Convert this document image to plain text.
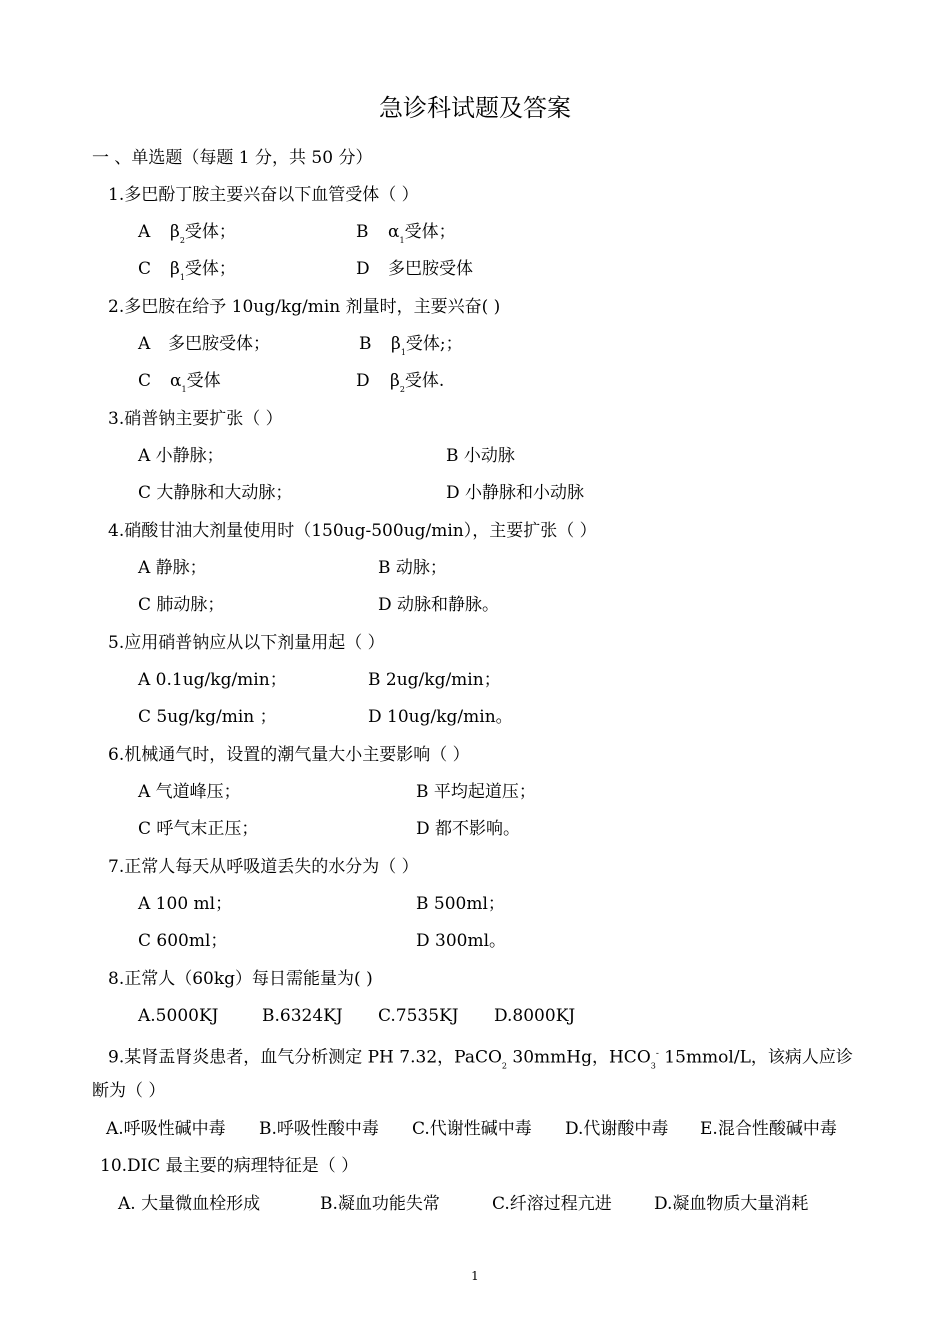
急诊科试题及答案
一 、单选题（每题 1 分，共 50 分）
1.多巴酚丁胺主要兴奋以下血管受体（ ）
A $\beta_2$受体；	B $\alpha_1$受体；
C $\beta_1$受体；	D 多巴胺受体
2.多巴胺在给予 10ug/kg/min 剂量时，主要兴奋( )
A 多巴胺受体；	B $\beta_1$受体;；
C $\alpha_1$受体	D $\beta_2$受体.
3.硝普钠主要扩张（ ）
A 小静脉；	B 小动脉
C 大静脉和大动脉；	D 小静脉和小动脉
4.硝酸甘油大剂量使用时（150ug-500ug/min），主要扩张（ ）
A 静脉；	B 动脉；
C 肺动脉；	D 动脉和静脉。
5.应用硝普钠应从以下剂量用起（ ）
A 0.1ug/kg/min；	B 2ug/kg/min；
C 5ug/kg/min ；	D 10ug/kg/min。
6.机械通气时，设置的潮气量大小主要影响（ ）
A 气道峰压；	B 平均起道压；
C 呼气末正压；	D 都不影响。
7.正常人每天从呼吸道丢失的水分为（ ）
A 100 ml；	B 500ml；
C 600ml；	D 300ml。
8.正常人（60kg）每日需能量为( )
A.5000KJ	B.6324KJ C.7535KJ D.8000KJ
9.某肾盂肾炎患者，血气分析测定 PH 7.32，PaCO$_2$ 30mmHg，$HCO_3^-$ 15mmol/L，该病人应诊
断为（ ）
A.呼吸性碱中毒 B.呼吸性酸中毒 C.代谢性碱中毒 D.代谢酸中毒 E.混合性酸碱中毒
10.DIC 最主要的病理特征是（ ）
A. 大量微血栓形成	B.凝血功能失常	C.纤溶过程亢进 D.凝血物质大量消耗
1
